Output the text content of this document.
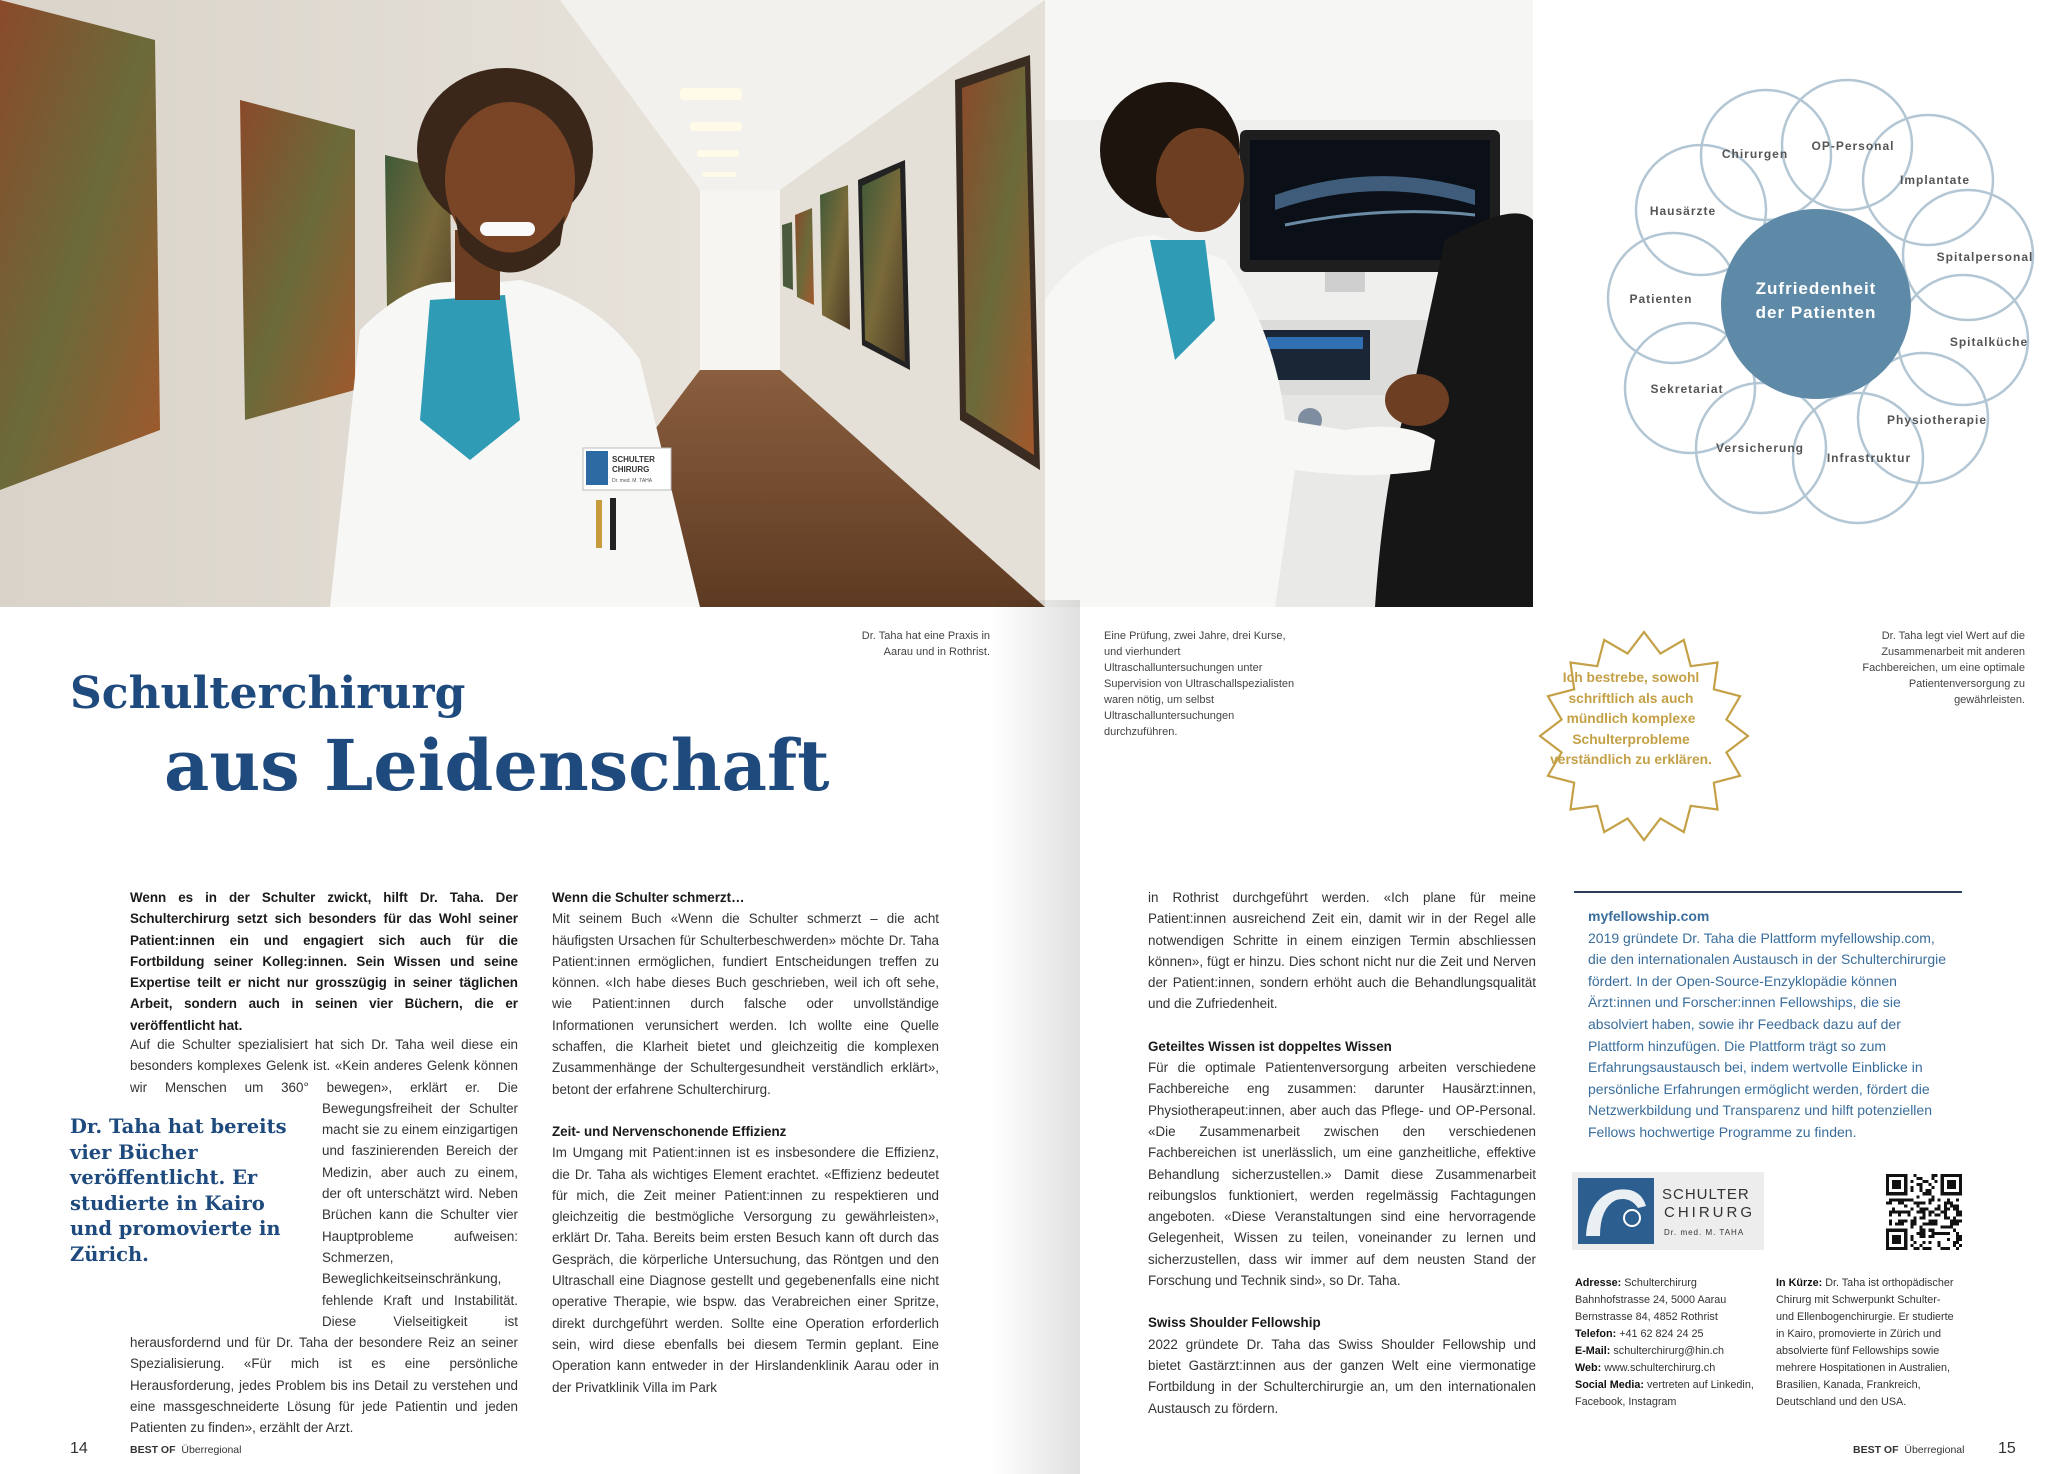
SCHULTER
CHIRURG
Dr. med. M. TAHA
Zufriedenheit
der Patienten
OP-Personal
Implantate
Spitalpersonal
Spitalküche
Physiotherapie
Infrastruktur
Versicherung
Sekretariat
Patienten
Hausärzte
Chirurgen
Dr. Taha hat eine Praxis in Aarau und in Rothrist.
Eine Prüfung, zwei Jahre, drei Kurse, und vierhundert Ultraschalluntersuchungen unter Supervision von Ultraschallspezialisten waren nötig, um selbst Ultraschalluntersuchungen durchzuführen.
Dr. Taha legt viel Wert auf die Zusammenarbeit mit anderen Fachbereichen, um eine optimale Patientenversorgung zu gewährleisten.
Schulterchirurg
aus Leidenschaft
Ich bestrebe, sowohl schriftlich als auch mündlich komplexe Schulterprobleme verständlich zu erklären.
Wenn es in der Schulter zwickt, hilft Dr. Taha. Der Schulterchirurg setzt sich besonders für das Wohl seiner Patient:innen ein und engagiert sich auch für die Fortbildung seiner Kolleg:innen. Sein Wissen und seine Expertise teilt er nicht nur grosszügig in seiner täglichen Arbeit, sondern auch in seinen vier Büchern, die er veröffentlicht hat.
Auf die Schulter spezialisiert hat sich Dr. Taha weil diese ein besonders komplexes Gelenk ist. «Kein anderes Gelenk können wir Menschen um 360° bewegen», erklärt er. Die Bewegungsfreiheit der Schulter macht sie zu einem einzigartigen und faszinierenden Bereich der Medizin, aber auch zu einem, der oft unterschätzt wird. Neben Brüchen kann die Schulter vier Hauptprobleme aufweisen: Schmerzen, Beweglichkeitseinschränkung, fehlende Kraft und Instabilität. Diese Vielseitigkeit ist herausfordernd und für Dr. Taha der besondere Reiz an seiner Spezialisierung. «Für mich ist es eine persönliche Herausforderung, jedes Problem bis ins Detail zu verstehen und eine massgeschneiderte Lösung für jede Patientin und jeden Patienten zu finden», erzählt der Arzt.
Dr. Taha hat bereits vier Bücher veröffentlicht. Er studierte in Kairo und promovierte in Zürich.
Wenn die Schulter schmerzt…
Mit seinem Buch «Wenn die Schulter schmerzt – die acht häufigsten Ursachen für Schulterbeschwerden» möchte Dr. Taha Patient:innen ermöglichen, fundiert Entscheidungen treffen zu können. «Ich habe dieses Buch geschrieben, weil ich oft sehe, wie Patient:innen durch falsche oder unvollständige Informationen verunsichert werden. Ich wollte eine Quelle schaffen, die Klarheit bietet und gleichzeitig die komplexen Zusammenhänge der Schultergesundheit verständlich erklärt», betont der erfahrene Schulterchirurg.
Zeit- und Nervenschonende Effizienz
Im Umgang mit Patient:innen ist es insbesondere die Effizienz, die Dr. Taha als wichtiges Element erachtet. «Effizienz bedeutet für mich, die Zeit meiner Patient:innen zu respektieren und gleichzeitig die bestmögliche Versorgung zu gewährleisten», erklärt Dr. Taha. Bereits beim ersten Besuch kann oft durch das Gespräch, die körperliche Untersuchung, das Röntgen und den Ultraschall eine Diagnose gestellt und gegebenenfalls eine nicht operative Therapie, wie bspw. das Verabreichen einer Spritze, direkt durchgeführt werden. Sollte eine Operation erforderlich sein, wird diese ebenfalls bei diesem Termin geplant. Eine Operation kann entweder in der Hirslandenklinik Aarau oder in der Privatklinik Villa im Park
in Rothrist durchgeführt werden. «Ich plane für meine Patient:innen ausreichend Zeit ein, damit wir in der Regel alle notwendigen Schritte in einem einzigen Termin abschliessen können», fügt er hinzu. Dies schont nicht nur die Zeit und Nerven der Patient:innen, sondern erhöht auch die Behandlungsqualität und die Zufriedenheit.
Geteiltes Wissen ist doppeltes Wissen
Für die optimale Patientenversorgung arbeiten verschiedene Fachbereiche eng zusammen: darunter Hausärzt:innen, Physiotherapeut:innen, aber auch das Pflege- und OP-Personal. «Die Zusammenarbeit zwischen den verschiedenen Fachbereichen ist unerlässlich, um eine ganzheitliche, effektive Behandlung sicherzustellen.» Damit diese Zusammenarbeit reibungslos funktioniert, werden regelmässig Fachtagungen angeboten. «Diese Veranstaltungen sind eine hervorragende Gelegenheit, Wissen zu teilen, voneinander zu lernen und sicherzustellen, dass wir immer auf dem neusten Stand der Forschung und Technik sind», so Dr. Taha.
Swiss Shoulder Fellowship
2022 gründete Dr. Taha das Swiss Shoulder Fellowship und bietet Gastärzt:innen aus der ganzen Welt eine viermonatige Fortbildung in der Schulterchirurgie an, um den internationalen Austausch zu fördern.
myfellowship.com
2019 gründete Dr. Taha die Plattform myfellowship.com, die den internationalen Austausch in der Schulterchirurgie fördert. In der Open-Source-Enzyklopädie können Ärzt:innen und Forscher:innen Fellowships, die sie absolviert haben, sowie ihr Feedback dazu auf der Plattform hinzufügen. Die Plattform trägt so zum Erfahrungsaustausch bei, indem wertvolle Einblicke in persönliche Erfahrungen ermöglicht werden, fördert die Netzwerkbildung und Transparenz und hilft potenziellen Fellows hochwertige Programme zu finden.
SCHULTER
CHIRURG
Dr. med. M. TAHA
Adresse: Schulterchirurg
Bahnhofstrasse 24, 5000 Aarau
Bernstrasse 84, 4852 Rothrist
Telefon: +41 62 824 24 25
E-Mail: schulterchirurg@hin.ch
Web: www.schulterchirurg.ch
Social Media: vertreten auf Linkedin, Facebook, Instagram
In Kürze: Dr. Taha ist orthopädischer Chirurg mit Schwerpunkt Schulter- und Ellenbogenchirurgie. Er studierte in Kairo, promovierte in Zürich und absolvierte fünf Fellowships sowie mehrere Hospitationen in Australien, Brasilien, Kanada, Frankreich, Deutschland und den USA.
14	BEST OF Überregional	BEST OF Überregional 15
